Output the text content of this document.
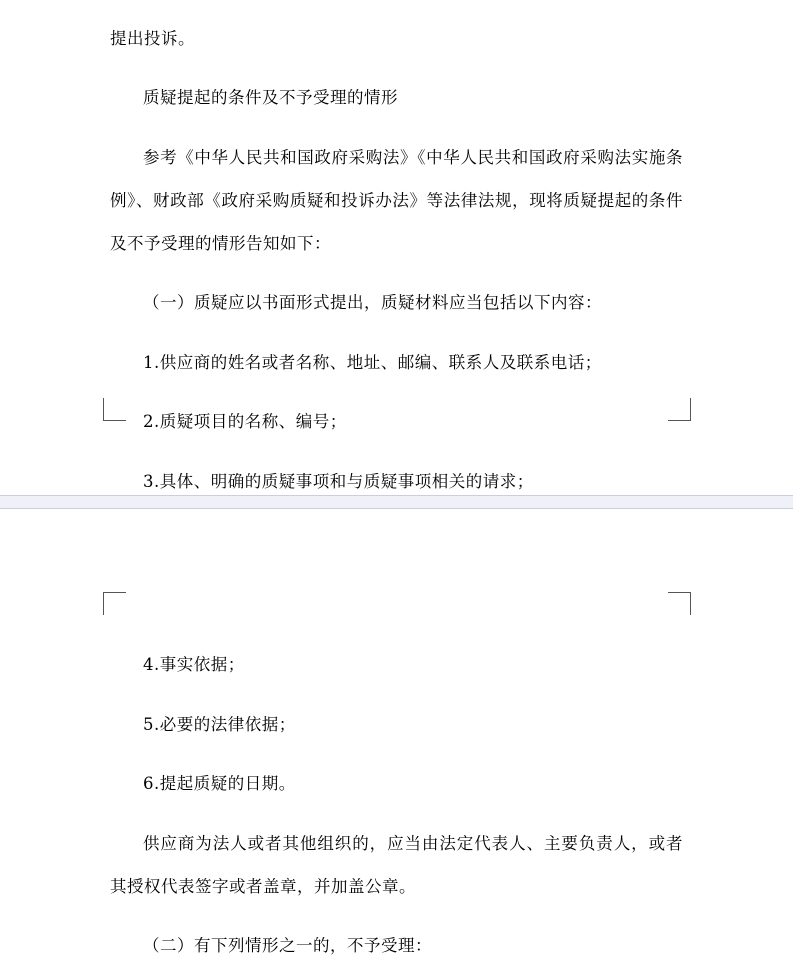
提出投诉。

质疑提起的条件及不予受理的情形

参考《中华人民共和国政府采购法》《中华人民共和国政府采购法实施条例》、财政部《政府采购质疑和投诉办法》等法律法规，现将质疑提起的条件及不予受理的情形告知如下：

（一）质疑应以书面形式提出，质疑材料应当包括以下内容：

1.供应商的姓名或者名称、地址、邮编、联系人及联系电话；

2.质疑项目的名称、编号；

3.具体、明确的质疑事项和与质疑事项相关的请求；

4.事实依据；

5.必要的法律依据；

6.提起质疑的日期。

供应商为法人或者其他组织的，应当由法定代表人、主要负责人，或者其授权代表签字或者盖章，并加盖公章。

（二）有下列情形之一的，不予受理：
